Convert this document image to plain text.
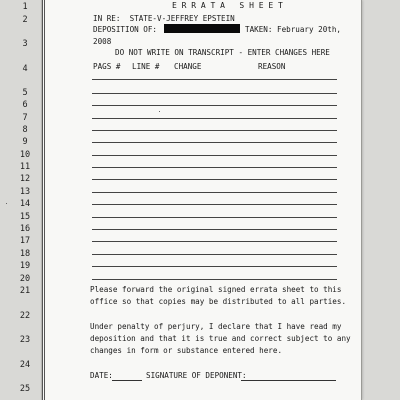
1
2
3
4
5
6
7
8
9
10
11
12
13
14
15
16
17
18
19
20
21
22
23
24
25
E R R A T A   S H E E T
IN RE:  STATE-V-JEFFREY EPSTEIN
DEPOSITION OF:	TAKEN: February 20th,
2008
DO NOT WRITE ON TRANSCRIPT - ENTER CHANGES HERE
PAGS # LINE # CHANGE	REASON
Please forward the original signed errata sheet to this
office so that copies may be distributed to all parties.
Under penalty of perjury, I declare that I have read my
deposition and that it is true and correct subject to any
changes in form or substance entered here.
DATE:	SIGNATURE OF DEPONENT:
